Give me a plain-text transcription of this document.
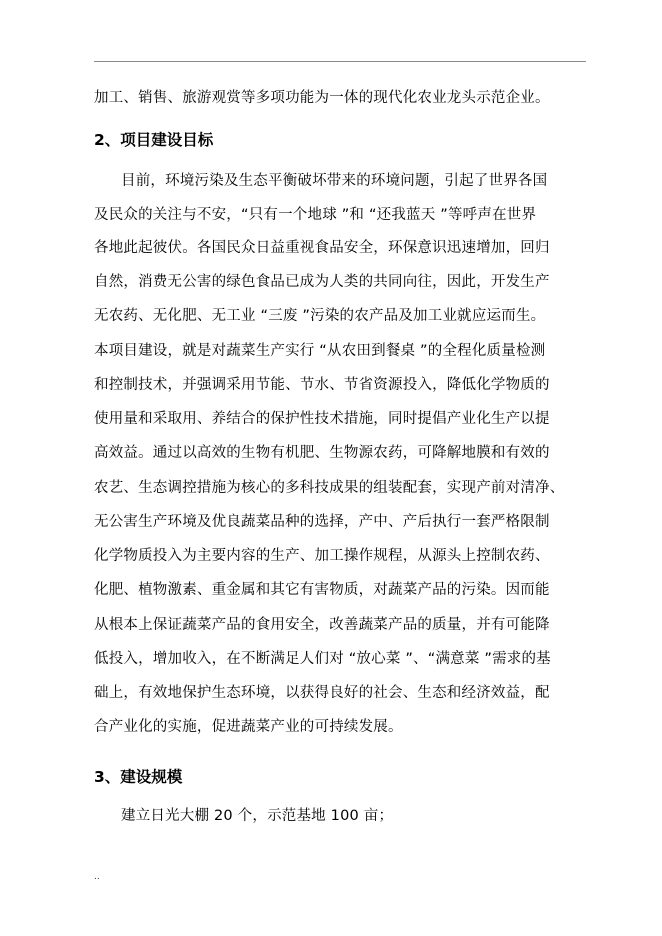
加工、销售、旅游观赏等多项功能为一体的现代化农业龙头示范企业。
2、项目建设目标
目前，环境污染及生态平衡破坏带来的环境问题，引起了世界各国
及民众的关注与不安，“只有一个地球 ”和 “还我蓝天 ”等呼声在世界
各地此起彼伏。各国民众日益重视食品安全，环保意识迅速增加，回归
自然，消费无公害的绿色食品已成为人类的共同向往，因此，开发生产
无农药、无化肥、无工业 “三废 ”污染的农产品及加工业就应运而生。
本项目建设，就是对蔬菜生产实行 “从农田到餐桌 ”的全程化质量检测
和控制技术，并强调采用节能、节水、节省资源投入，降低化学物质的
使用量和采取用、养结合的保护性技术措施，同时提倡产业化生产以提
高效益。通过以高效的生物有机肥、生物源农药，可降解地膜和有效的
农艺、生态调控措施为核心的多科技成果的组装配套，实现产前对清净、
无公害生产环境及优良蔬菜品种的选择，产中、产后执行一套严格限制
化学物质投入为主要内容的生产、加工操作规程，从源头上控制农药、
化肥、植物激素、重金属和其它有害物质，对蔬菜产品的污染。因而能
从根本上保证蔬菜产品的食用安全，改善蔬菜产品的质量，并有可能降
低投入，增加收入，在不断满足人们对 “放心菜 ”、“满意菜 ”需求的基
础上，有效地保护生态环境，以获得良好的社会、生态和经济效益，配
合产业化的实施，促进蔬菜产业的可持续发展。
3、建设规模
建立日光大棚 20 个，示范基地 100 亩；
..
